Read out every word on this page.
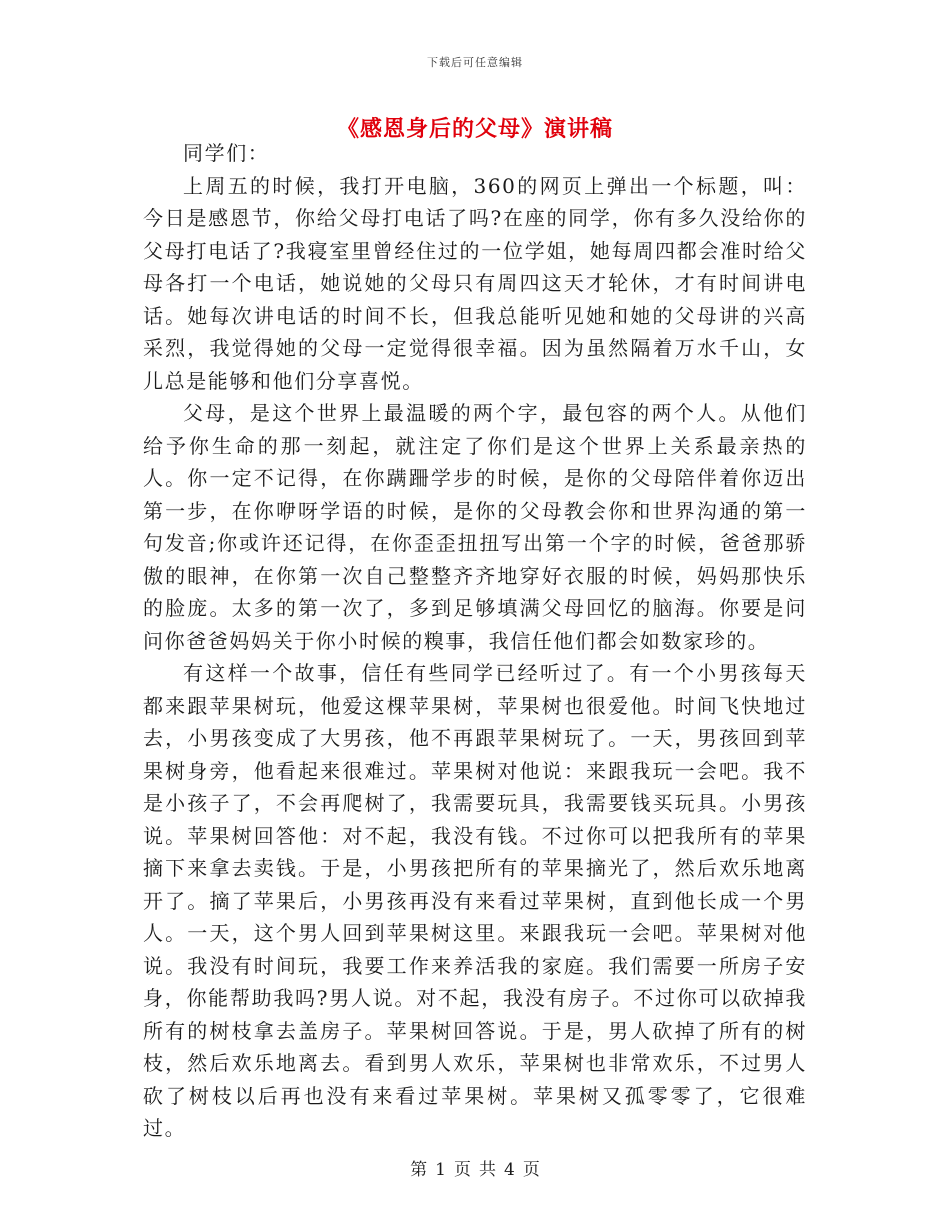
下载后可任意编辑
《感恩身后的父母》演讲稿

同学们：

上周五的时候，我打开电脑，360的网页上弹出一个标题，叫：今日是感恩节，你给父母打电话了吗?在座的同学，你有多久没给你的父母打电话了?我寝室里曾经住过的一位学姐，她每周四都会准时给父母各打一个电话，她说她的父母只有周四这天才轮休，才有时间讲电话。她每次讲电话的时间不长，但我总能听见她和她的父母讲的兴高采烈，我觉得她的父母一定觉得很幸福。因为虽然隔着万水千山，女儿总是能够和他们分享喜悦。

父母，是这个世界上最温暖的两个字，最包容的两个人。从他们给予你生命的那一刻起，就注定了你们是这个世界上关系最亲热的人。你一定不记得，在你蹒跚学步的时候，是你的父母陪伴着你迈出第一步，在你咿呀学语的时候，是你的父母教会你和世界沟通的第一句发音;你或许还记得，在你歪歪扭扭写出第一个字的时候，爸爸那骄傲的眼神，在你第一次自己整整齐齐地穿好衣服的时候，妈妈那快乐的脸庞。太多的第一次了，多到足够填满父母回忆的脑海。你要是问问你爸爸妈妈关于你小时候的糗事，我信任他们都会如数家珍的。

有这样一个故事，信任有些同学已经听过了。有一个小男孩每天都来跟苹果树玩，他爱这棵苹果树，苹果树也很爱他。时间飞快地过去，小男孩变成了大男孩，他不再跟苹果树玩了。一天，男孩回到苹果树身旁，他看起来很难过。苹果树对他说：来跟我玩一会吧。我不是小孩子了，不会再爬树了，我需要玩具，我需要钱买玩具。小男孩说。苹果树回答他：对不起，我没有钱。不过你可以把我所有的苹果摘下来拿去卖钱。于是，小男孩把所有的苹果摘光了，然后欢乐地离开了。摘了苹果后，小男孩再没有来看过苹果树，直到他长成一个男人。一天，这个男人回到苹果树这里。来跟我玩一会吧。苹果树对他说。我没有时间玩，我要工作来养活我的家庭。我们需要一所房子安身，你能帮助我吗?男人说。对不起，我没有房子。不过你可以砍掉我所有的树枝拿去盖房子。苹果树回答说。于是，男人砍掉了所有的树枝，然后欢乐地离去。看到男人欢乐，苹果树也非常欢乐，不过男人砍了树枝以后再也没有来看过苹果树。苹果树又孤零零了，它很难过。

第 1 页 共 4 页
